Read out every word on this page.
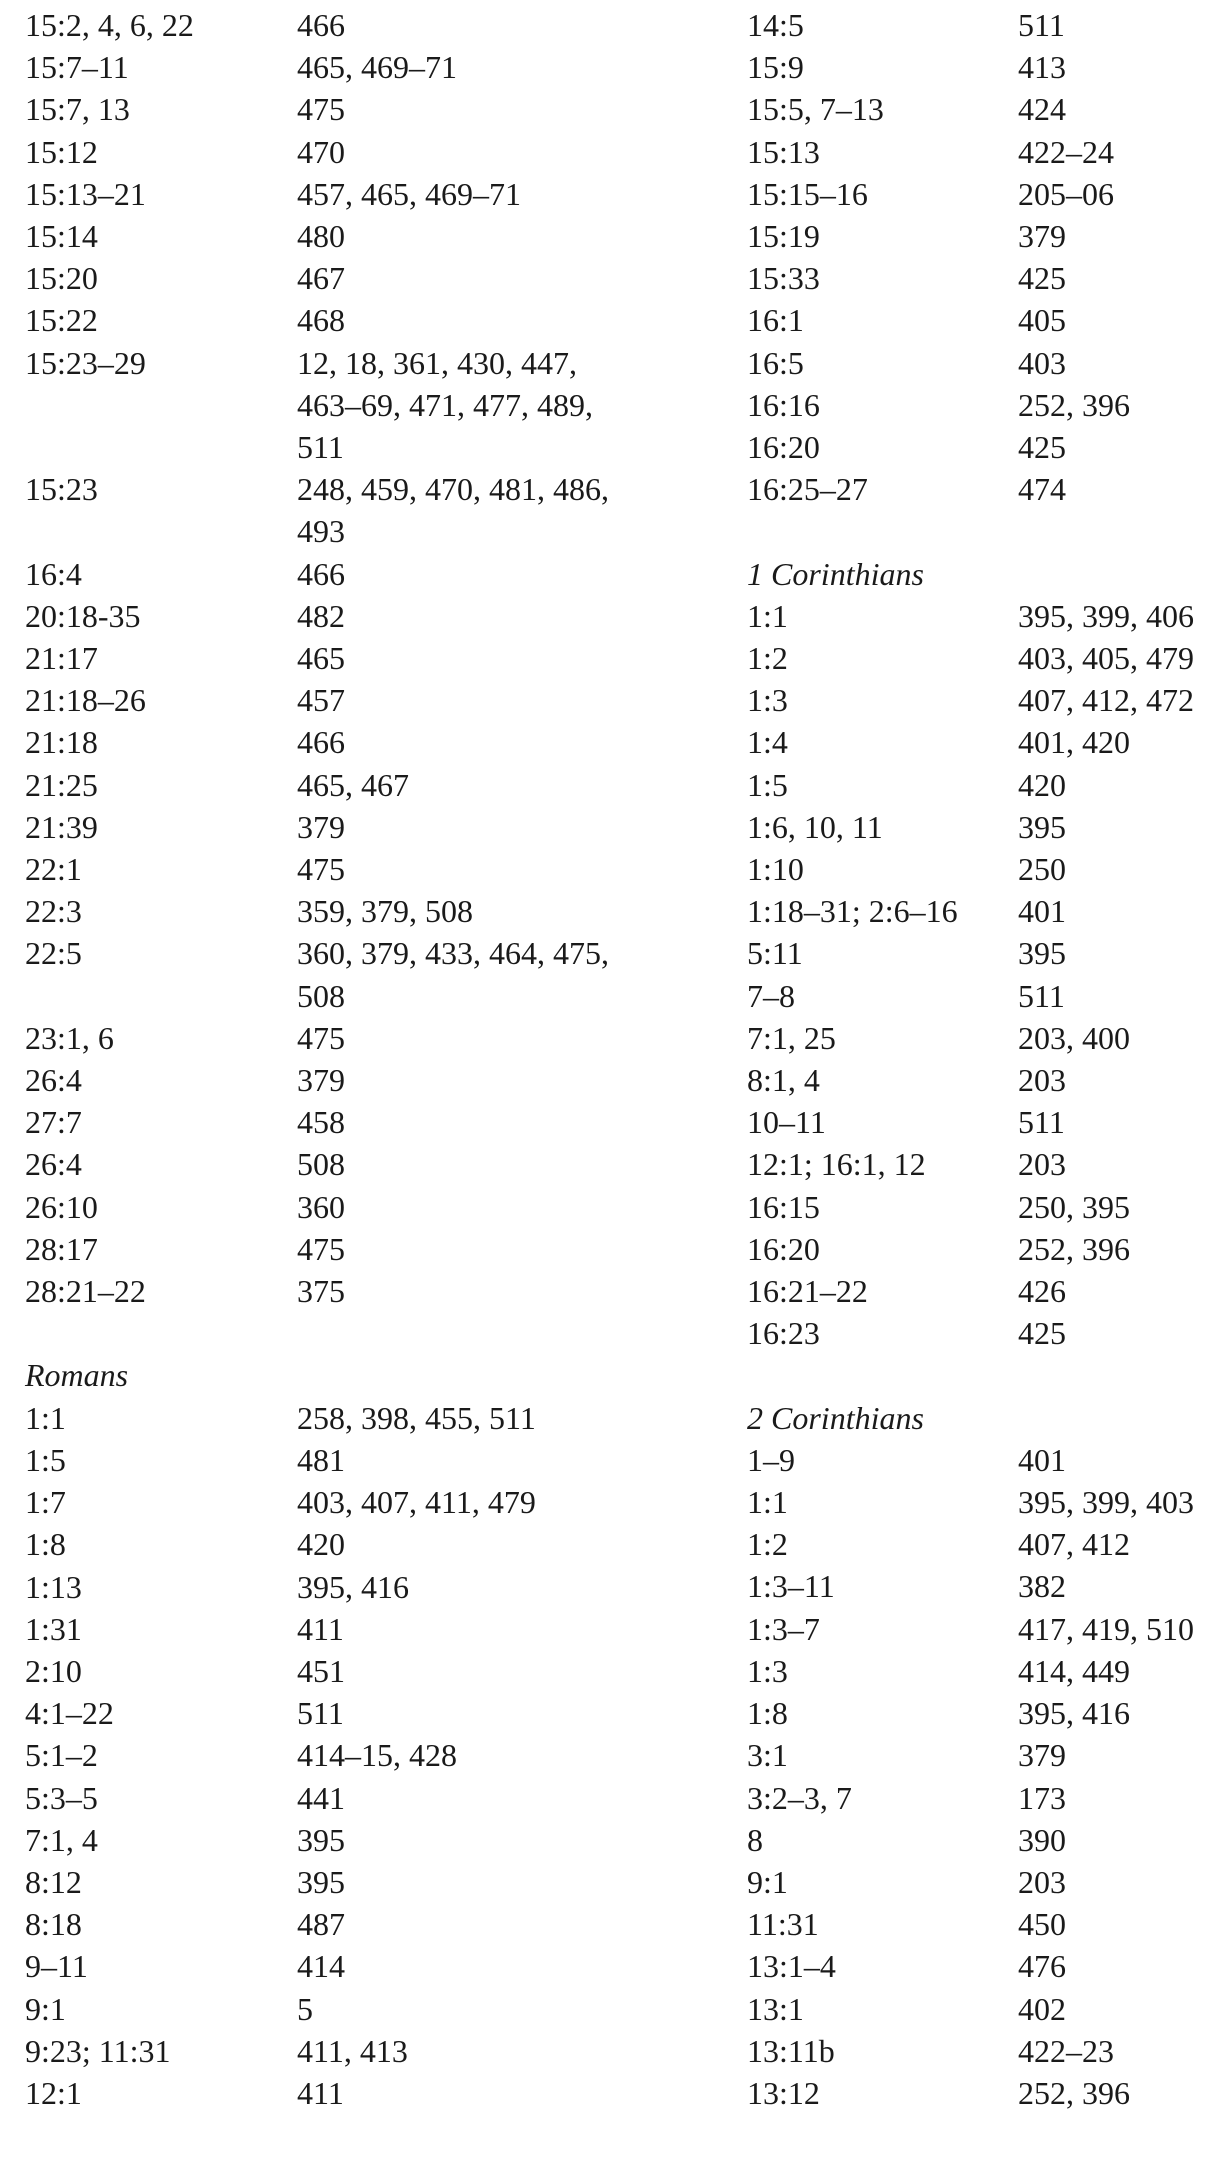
15:2, 4, 6, 22	466
15:7–11	465, 469–71
15:7, 13	475
15:12	470
15:13–21	457, 465, 469–71
15:14	480
15:20	467
15:22	468
15:23–29	12, 18, 361, 430, 447, 463–69, 471, 477, 489, 511
15:23	248, 459, 470, 481, 486, 493
16:4	466
20:18-35	482
21:17	465
21:18–26	457
21:18	466
21:25	465, 467
21:39	379
22:1	475
22:3	359, 379, 508
22:5	360, 379, 433, 464, 475, 508
23:1, 6	475
26:4	379
27:7	458
26:4	508
26:10	360
28:17	475
28:21–22	375
Romans
1:1	258, 398, 455, 511
1:5	481
1:7	403, 407, 411, 479
1:8	420
1:13	395, 416
1:31	411
2:10	451
4:1–22	511
5:1–2	414–15, 428
5:3–5	441
7:1, 4	395
8:12	395
8:18	487
9–11	414
9:1	5
9:23; 11:31	411, 413
12:1	411
14:5	511
15:9	413
15:5, 7–13	424
15:13	422–24
15:15–16	205–06
15:19	379
15:33	425
16:1	405
16:5	403
16:16	252, 396
16:20	425
16:25–27	474
1 Corinthians
1:1	395, 399, 406
1:2	403, 405, 479
1:3	407, 412, 472
1:4	401, 420
1:5	420
1:6, 10, 11	395
1:10	250
1:18–31; 2:6–16	401
5:11	395
7–8	511
7:1, 25	203, 400
8:1, 4	203
10–11	511
12:1; 16:1, 12	203
16:15	250, 395
16:20	252, 396
16:21–22	426
16:23	425
2 Corinthians
1–9	401
1:1	395, 399, 403
1:2	407, 412
1:3–11	382
1:3–7	417, 419, 510
1:3	414, 449
1:8	395, 416
3:1	379
3:2–3, 7	173
8	390
9:1	203
11:31	450
13:1–4	476
13:1	402
13:11b	422–23
13:12	252, 396
